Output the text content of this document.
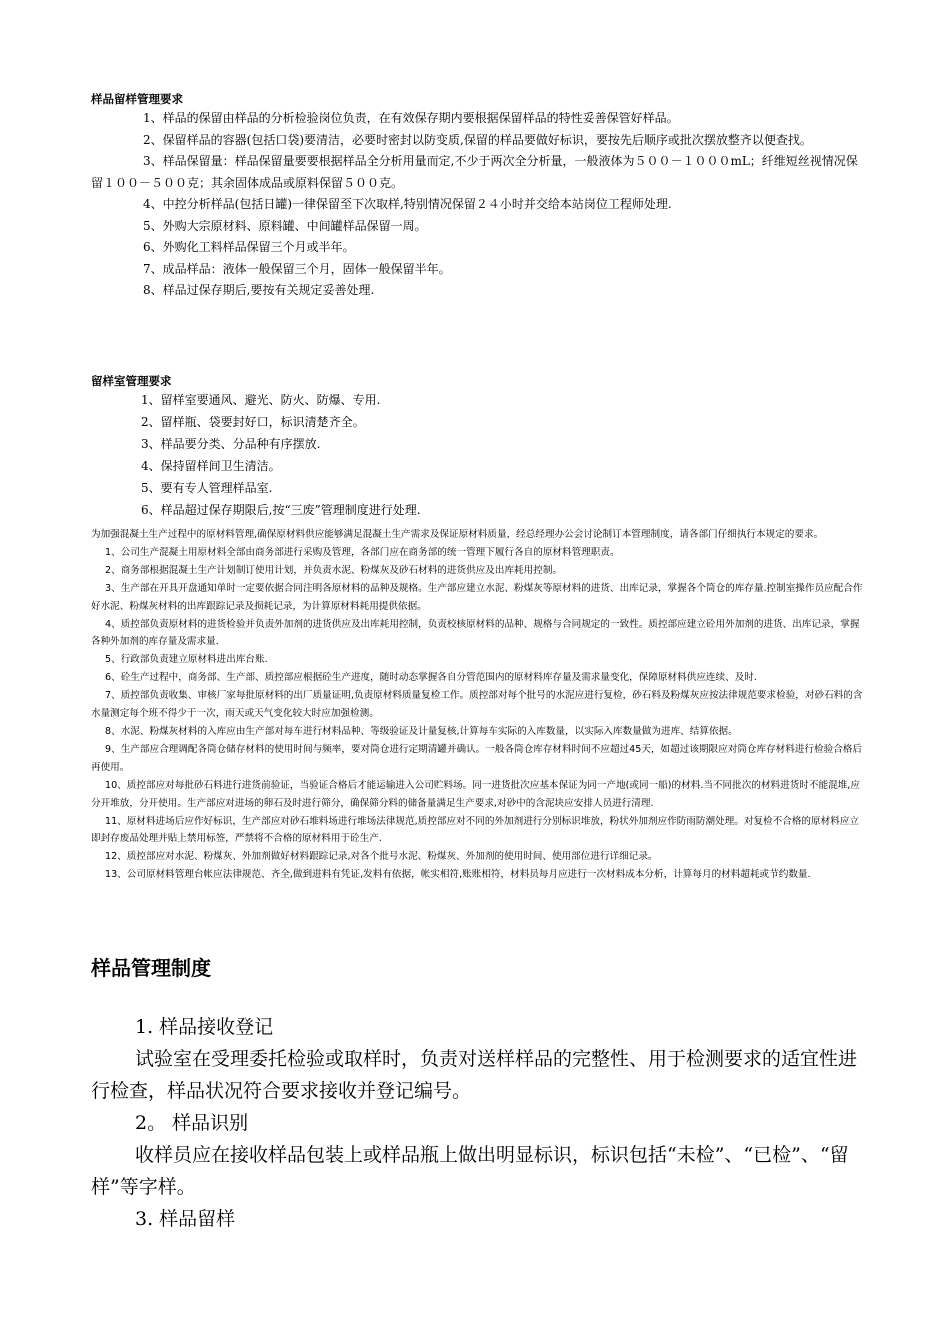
样品留样管理要求

1、样品的保留由样品的分析检验岗位负责，在有效保存期内要根据保留样品的特性妥善保管好样品。

2、保留样品的容器(包括口袋)要清洁，必要时密封以防变质,保留的样品要做好标识，要按先后顺序或批次摆放整齐以便查找。

3、样品保留量：样品保留量要要根据样品全分析用量而定,不少于两次全分析量，一般液体为５００－１０００mL；纤维短丝视情况保留１００－５００克；其余固体成品或原料保留５００克。

4、中控分析样品(包括日罐)一律保留至下次取样,特别情况保留２４小时并交给本站岗位工程师处理.

5、外购大宗原材料、原料罐、中间罐样品保留一周。

6、外购化工料样品保留三个月或半年。

7、成品样品：液体一般保留三个月，固体一般保留半年。

8、样品过保存期后,要按有关规定妥善处理.

留样室管理要求

1、留样室要通风、避光、防火、防爆、专用.

2、留样瓶、袋要封好口，标识清楚齐全。

3、样品要分类、分品种有序摆放.

4、保持留样间卫生清洁。

5、要有专人管理样品室.

6、样品超过保存期限后,按“三废”管理制度进行处理.

为加强混凝土生产过程中的原材料管理,确保原材料供应能够满足混凝土生产需求及保证原材料质量，经总经理办公会讨论制订本管理制度，请各部门仔细执行本规定的要求。

1、公司生产混凝土用原材料全部由商务部进行采购及管理，各部门应在商务部的统一管理下履行各自的原材料管理职责。

2、商务部根据混凝土生产计划制订使用计划，并负责水泥、粉煤灰及砂石材料的进货供应及出库耗用控制。

3、生产部在开具开盘通知单时一定要依据合同注明各原材料的品种及规格。生产部应建立水泥、粉煤灰等原材料的进货、出库记录，掌握各个筒仓的库存量.控制室操作员应配合作好水泥、粉煤灰材料的出库跟踪记录及损耗记录，为计算原材料耗用提供依据。

4、质控部负责原材料的进货检验并负责外加剂的进货供应及出库耗用控制，负责校核原材料的品种、规格与合同规定的一致性。质控部应建立砼用外加剂的进货、出库记录，掌握各种外加剂的库存量及需求量.

5、行政部负责建立原材料进出库台账.

6、砼生产过程中，商务部、生产部、质控部应根据砼生产进度，随时动态掌握各自分管范围内的原材料库存量及需求量变化，保障原材料供应连续、及时.

7、质控部负责收集、审核厂家每批原材料的出厂质量证明,负责原材料质量复检工作。质控部对每个批号的水泥应进行复检，砂石料及粉煤灰应按法律规范要求检验，对砂石料的含水量测定每个班不得少于一次，雨天或天气变化较大时应加强检测。

8、水泥、粉煤灰材料的入库应由生产部对每车进行材料品种、等级验证及计量复核,计算每车实际的入库数量，以实际入库数量做为进库、结算依据。

9、生产部应合理调配各筒仓储存材料的使用时间与频率，要对筒仓进行定期清罐并确认。一般各筒仓库存材料时间不应超过45天，如超过该期限应对筒仓库存材料进行检验合格后再使用。

10、质控部应对每批砂石料进行进货前验证，当验证合格后才能运输进入公司贮料场。同一进货批次应基本保证为同一产地(或同一船)的材料.当不同批次的材料进货时不能混堆,应分开堆放，分开使用。生产部应对进场的卵石及时进行筛分，确保筛分料的储备量满足生产要求,对砂中的含泥块应安排人员进行清理.

11、原材料进场后应作好标识，生产部应对砂石堆料场进行堆场法律规范,质控部应对不同的外加剂进行分别标识堆放，粉状外加剂应作防雨防潮处理。对复检不合格的原材料应立即封存废品处理并贴上禁用标签，严禁将不合格的原材料用于砼生产.

12、质控部应对水泥、粉煤灰、外加剂做好材料跟踪记录,对各个批号水泥、粉煤灰、外加剂的使用时间、使用部位进行详细记录。

13、公司原材料管理台帐应法律规范、齐全,做到进料有凭证,发料有依据，帐实相符,账账相符，材料员每月应进行一次材料成本分析，计算每月的材料超耗或节约数量.

样品管理制度

1. 样品接收登记

试验室在受理委托检验或取样时，负责对送样样品的完整性、用于检测要求的适宜性进行检查，样品状况符合要求接收并登记编号。

2。 样品识别

收样员应在接收样品包装上或样品瓶上做出明显标识，标识包括“未检”、“已检”、“留样”等字样。

3. 样品留样
